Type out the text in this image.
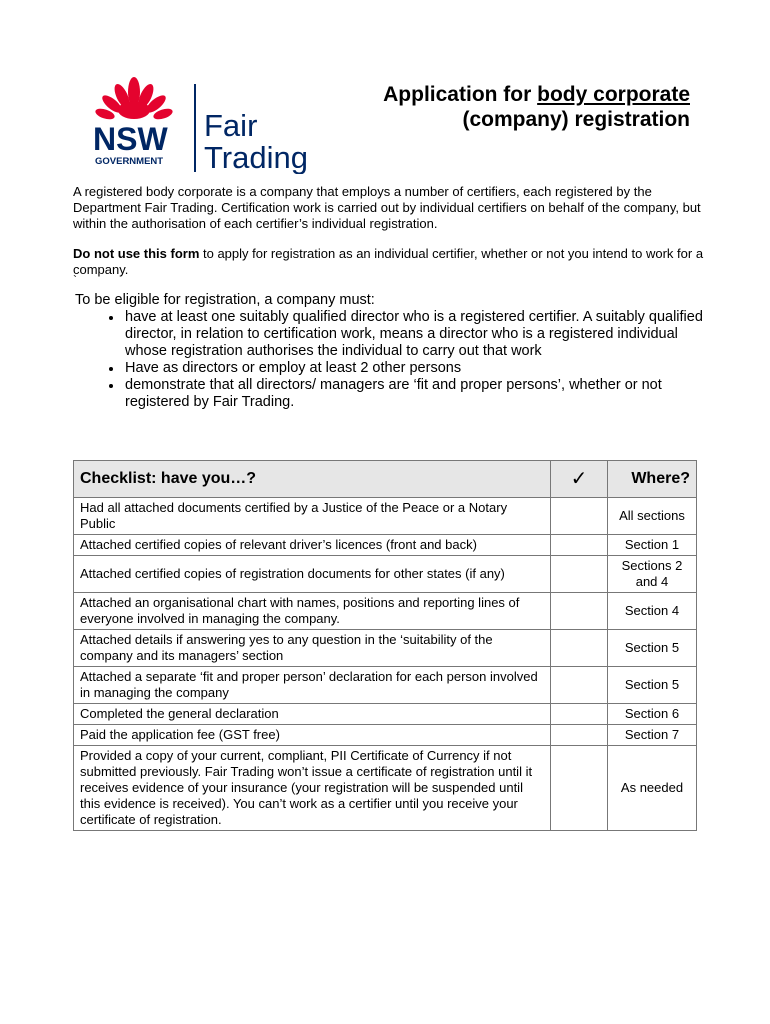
NSW
GOVERNMENT
Fair
Trading
Application for body corporate
(company) registration
A registered body corporate is a company that employs a number of certifiers, each registered by the Department Fair Trading. Certification work is carried out by individual certifiers on behalf of the company, but within the authorisation of each certifier’s individual registration.
Do not use this form to apply for registration as an individual certifier, whether or not you intend to work for a company.
`
To be eligible for registration, a company must:
• have at least one suitably qualified director who is a registered certifier. A suitably qualified director, in relation to certification work, means a director who is a registered individual whose registration authorises the individual to carry out that work
• Have as directors or employ at least 2 other persons
• demonstrate that all directors/ managers are ‘fit and proper persons’, whether or not registered by Fair Trading.
Checklist: have you…?	✓	Where?
Had all attached documents certified by a Justice of the Peace or a Notary Public		All sections
Attached certified copies of relevant driver’s licences (front and back)		Section 1
Attached certified copies of registration documents for other states (if any)		Sections 2 and 4
Attached an organisational chart with names, positions and reporting lines of everyone involved in managing the company.		Section 4
Attached details if answering yes to any question in the ‘suitability of the company and its managers’ section		Section 5
Attached a separate ‘fit and proper person’ declaration for each person involved in managing the company		Section 5
Completed the general declaration		Section 6
Paid the application fee (GST free)		Section 7
Provided a copy of your current, compliant, PII Certificate of Currency if not submitted previously. Fair Trading won’t issue a certificate of registration until it receives evidence of your insurance (your registration will be suspended until this evidence is received). You can’t work as a certifier until you receive your certificate of registration.		As needed
